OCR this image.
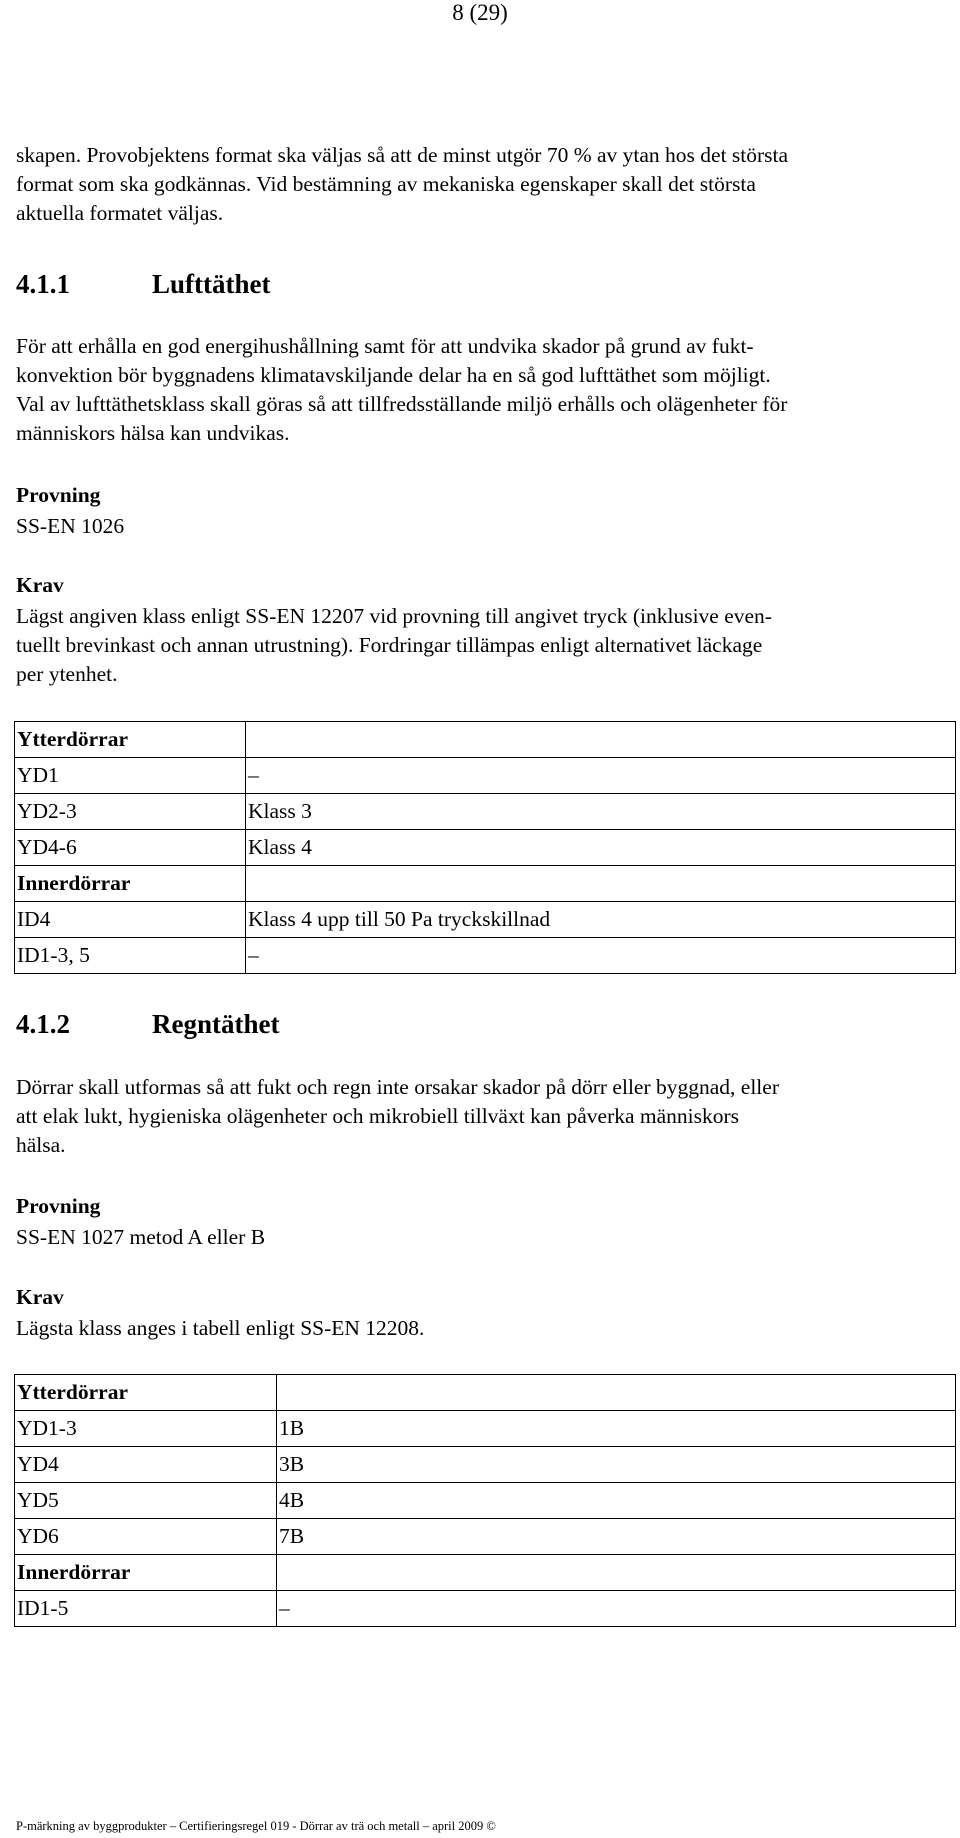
8 (29)
skapen. Provobjektens format ska väljas så att de minst utgör 70 % av ytan hos det största
format som ska godkännas. Vid bestämning av mekaniska egenskaper skall det största
aktuella formatet väljas.
4.1.1	Lufttäthet
För att erhålla en god energihushållning samt för att undvika skador på grund av fukt-
konvektion bör byggnadens klimatavskiljande delar ha en så god lufttäthet som möjligt.
Val av lufttäthetsklass skall göras så att tillfredsställande miljö erhålls och olägenheter för
människors hälsa kan undvikas.
Provning
SS-EN 1026
Krav
Lägst angiven klass enligt SS-EN 12207 vid provning till angivet tryck (inklusive even-
tuellt brevinkast och annan utrustning). Fordringar tillämpas enligt alternativet läckage
per ytenhet.
Ytterdörrar	
YD1	–
YD2-3	Klass 3
YD4-6	Klass 4
Innerdörrar	
ID4	Klass 4 upp till 50 Pa tryckskillnad
ID1-3, 5	–
4.1.2	Regntäthet
Dörrar skall utformas så att fukt och regn inte orsakar skador på dörr eller byggnad, eller
att elak lukt, hygieniska olägenheter och mikrobiell tillväxt kan påverka människors
hälsa.
Provning
SS-EN 1027 metod A eller B
Krav
Lägsta klass anges i tabell enligt SS-EN 12208.
Ytterdörrar	
YD1-3	1B
YD4	3B
YD5	4B
YD6	7B
Innerdörrar	
ID1-5	–
P-märkning av byggprodukter – Certifieringsregel 019 - Dörrar av trä och metall – april 2009 ©
